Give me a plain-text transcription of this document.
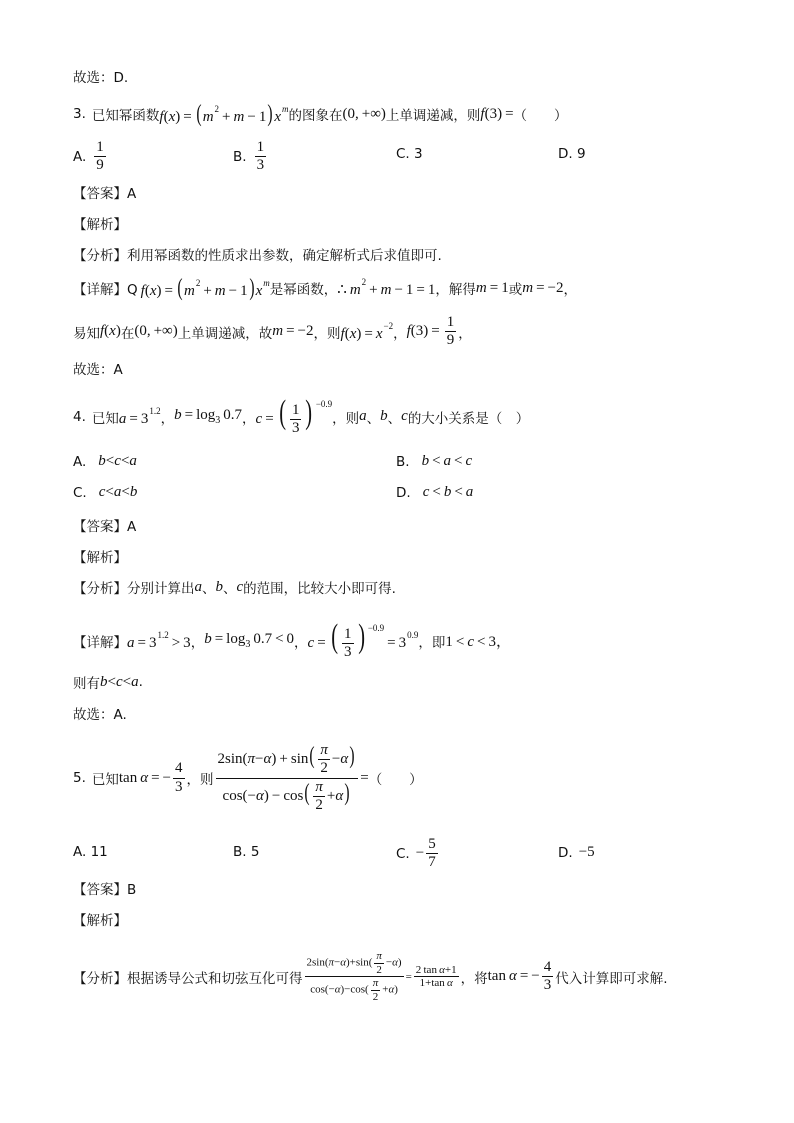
故选：D.
3. 已知幂函数 $f(x) = (m^2 + m - 1)x^m$ 的图象在 (0, +∞) 上单调递减，则 f(3) = （　　）
A. $\frac{1}{9}$	B. $\frac{1}{3}$	C. 3	D. 9
【答案】A
【解析】
【分析】利用幂函数的性质求出参数，确定解析式后求值即可.
【详解】Q
  $f(x) = (m^2 + m - 1)x^m$ 是幂函数， ∴ $m^2 + m - 1 = 1$ ，解得 m = 1 或 m = −2 ，
易知 f(x) 在 (0, +∞) 上单调递减，故 m = −2 ，则 $f(x) = x^{-2}$ ， $f(3) = \frac{1}{9}$ ，
故选：A
4. 已知 $a = 3^{1.2}$ ， $b = \log_3 0.7$ ， c = ( $\frac{1}{3}$ ) $^{-0.9}$
，则 a 、 b 、 c 的大小关系是（　）
A. b<c<a	B. b < a < c
C. c<a<b	D. c < b < a
【答案】A
【解析】
【分析】分别计算出 a 、 b 、 c 的范围，比较大小即可得.
【详解】 $a = 3^{1.2} > 3$ ， $b = \log_3 0.7 < 0$ ， c = ( $\frac{1}{3}$ ) $^{-0.9} = 3^{0.9}$ ，即 1 < c < 3，
则有 b<c<a .
故选：A.
5. 已知 tan α = − $\frac{4}{3}$ ，则 $\frac{2\sin(\pi-\alpha) + \sin( \frac{\pi}{2} -\alpha)}{\cos(-\alpha) - \cos( \frac{\pi}{2} +\alpha)}$ = （　　）
A. 11	B. 5	C. − $\frac{5}{7}$	D. −5
【答案】B
【解析】
【分析】根据诱导公式和切弦互化可得 $\frac{2\sin(\pi-\alpha)+\sin( \frac{\pi}{2} -\alpha)}{\cos(-\alpha)-\cos( \frac{\pi}{2} +\alpha)} = \frac{\text{2 tan α+1}}{\text{1+tan α}}$ ，将 tan α = − $\frac{4}{3}$ 代入计算即可求解.
